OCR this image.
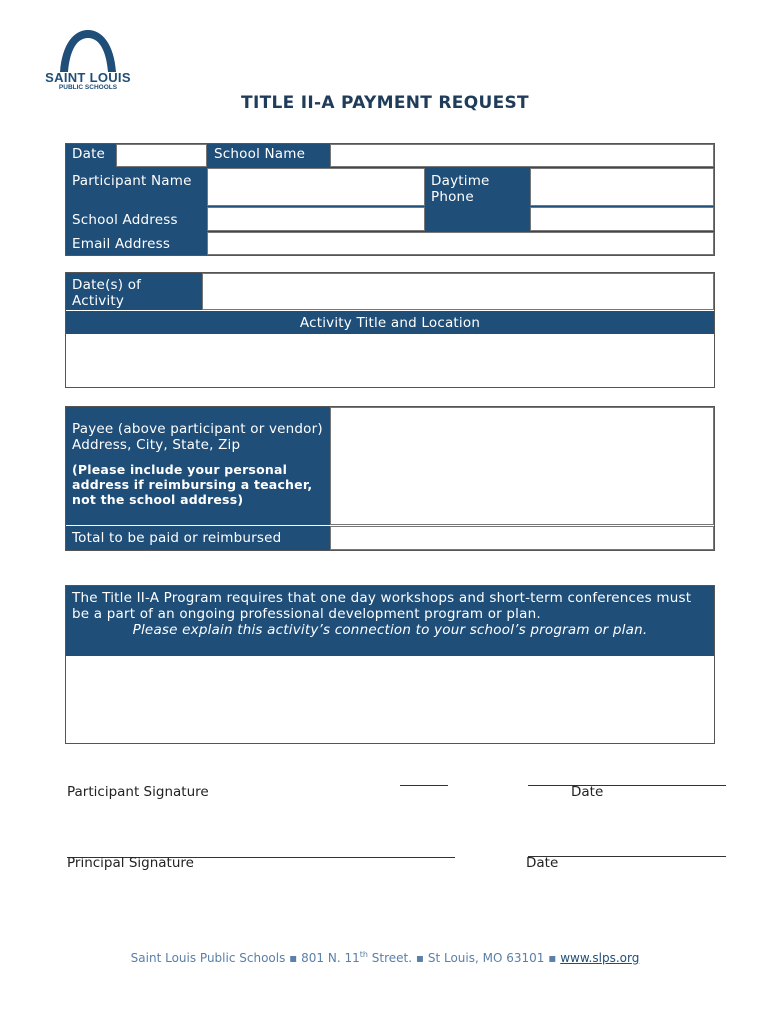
SAINT LOUIS
PUBLIC SCHOOLS
TITLE II-A PAYMENT REQUEST
Date	School Name
Participant Name	Daytime Phone
School Address
Email Address
Date(s) of Activity
Activity Title and Location
Payee (above participant or vendor)
Address, City, State, Zip
(Please include your personal address if reimbursing a teacher, not the school address)
Total to be paid or reimbursed
The Title II-A Program requires that one day workshops and short-term conferences must be a part of an ongoing professional development program or plan.
Please explain this activity’s connection to your school’s program or plan.
Participant Signature	Date
Principal Signature	Date
Saint Louis Public Schools ▪ 801 N. 11th Street. ▪ St Louis, MO 63101 ▪ www.slps.org
